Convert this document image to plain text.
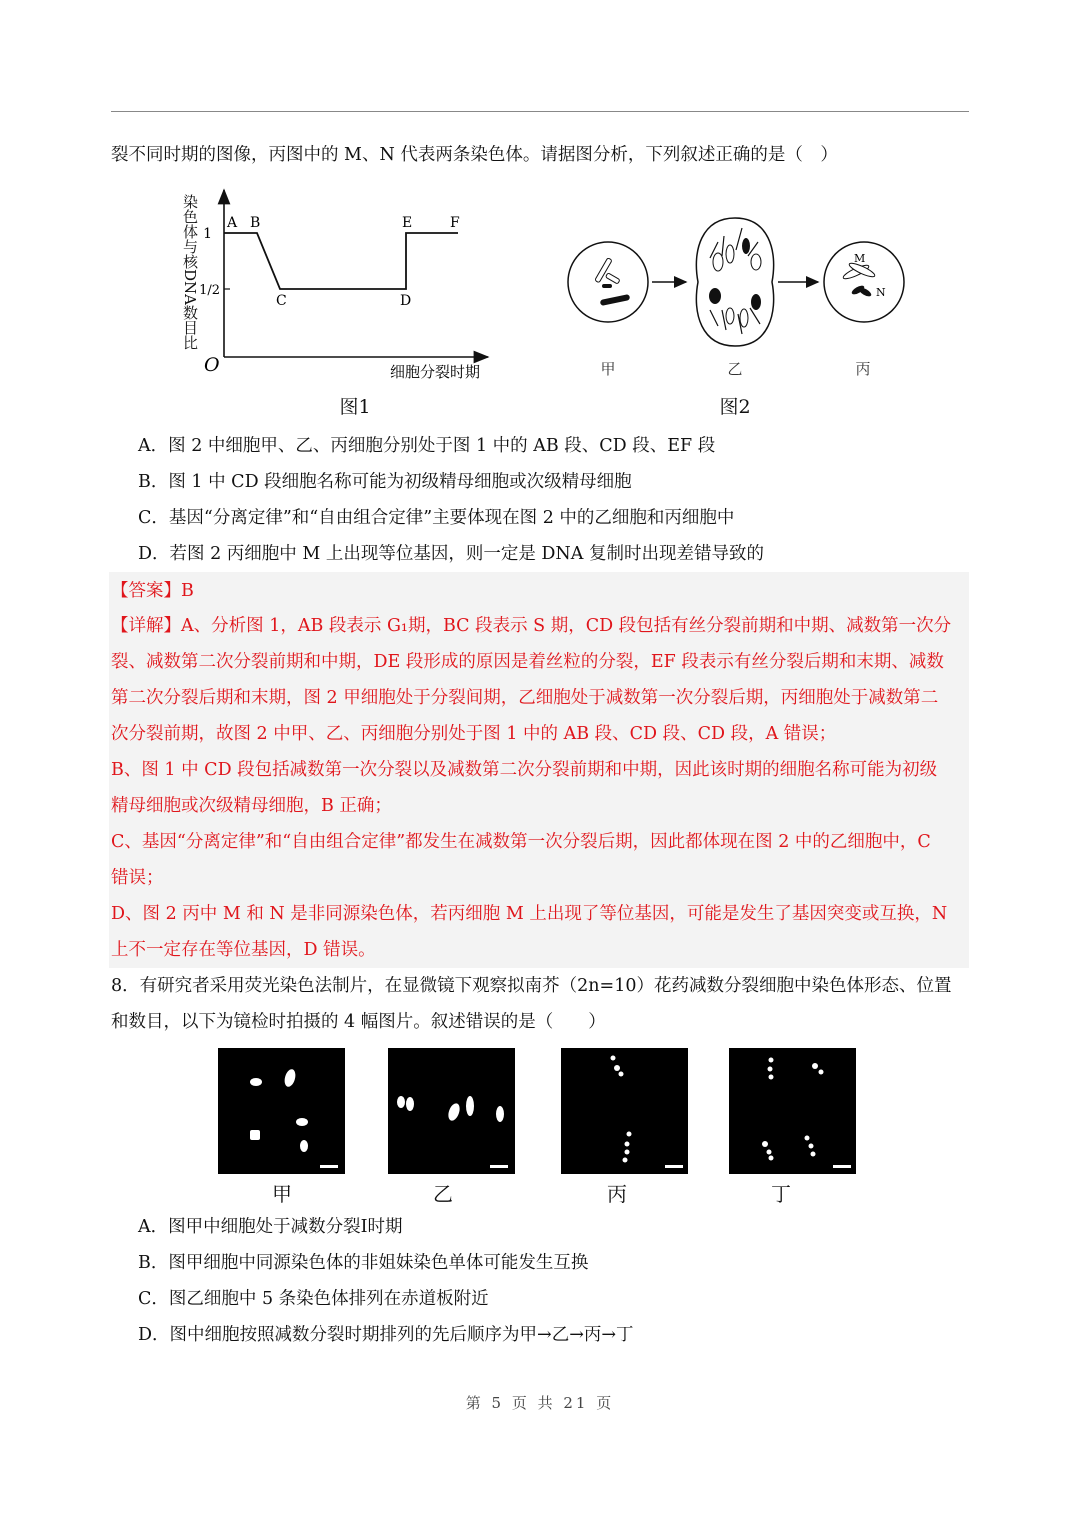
裂不同时期的图像，丙图中的 M、N 代表两条染色体。请据图分析，下列叙述正确的是（　）
1
1/2
O
A B
C	D
E	F
细胞分裂时期
染色体与核DNA数目比
图1
M
N
甲	乙	丙
图2
A．图 2 中细胞甲、乙、丙细胞分别处于图 1 中的 AB 段、CD 段、EF 段
B．图 1 中 CD 段细胞名称可能为初级精母细胞或次级精母细胞
C．基因“分离定律”和“自由组合定律”主要体现在图 2 中的乙细胞和丙细胞中
D．若图 2 丙细胞中 M 上出现等位基因，则一定是 DNA 复制时出现差错导致的
【答案】B
【详解】A、分析图 1，AB 段表示 G₁期，BC 段表示 S 期，CD 段包括有丝分裂前期和中期、减数第一次分
裂、减数第二次分裂前期和中期，DE 段形成的原因是着丝粒的分裂，EF 段表示有丝分裂后期和末期、减数
第二次分裂后期和末期，图 2 甲细胞处于分裂间期，乙细胞处于减数第一次分裂后期，丙细胞处于减数第二
次分裂前期，故图 2 中甲、乙、丙细胞分别处于图 1 中的 AB 段、CD 段、CD 段，A 错误；
B、图 1 中 CD 段包括减数第一次分裂以及减数第二次分裂前期和中期，因此该时期的细胞名称可能为初级
精母细胞或次级精母细胞，B 正确；
C、基因“分离定律”和“自由组合定律”都发生在减数第一次分裂后期，因此都体现在图 2 中的乙细胞中，C
错误；
D、图 2 丙中 M 和 N 是非同源染色体，若丙细胞 M 上出现了等位基因，可能是发生了基因突变或互换，N
上不一定存在等位基因，D 错误。
8．有研究者采用荧光染色法制片，在显微镜下观察拟南芥（2n=10）花药减数分裂细胞中染色体形态、位置
和数目，以下为镜检时拍摄的 4 幅图片。叙述错误的是（　　）
甲	乙	丙	丁
A．图甲中细胞处于减数分裂Ⅰ时期
B．图甲细胞中同源染色体的非姐妹染色单体可能发生互换
C．图乙细胞中 5 条染色体排列在赤道板附近
D．图中细胞按照减数分裂时期排列的先后顺序为甲→乙→丙→丁
第 5 页 共 21 页
